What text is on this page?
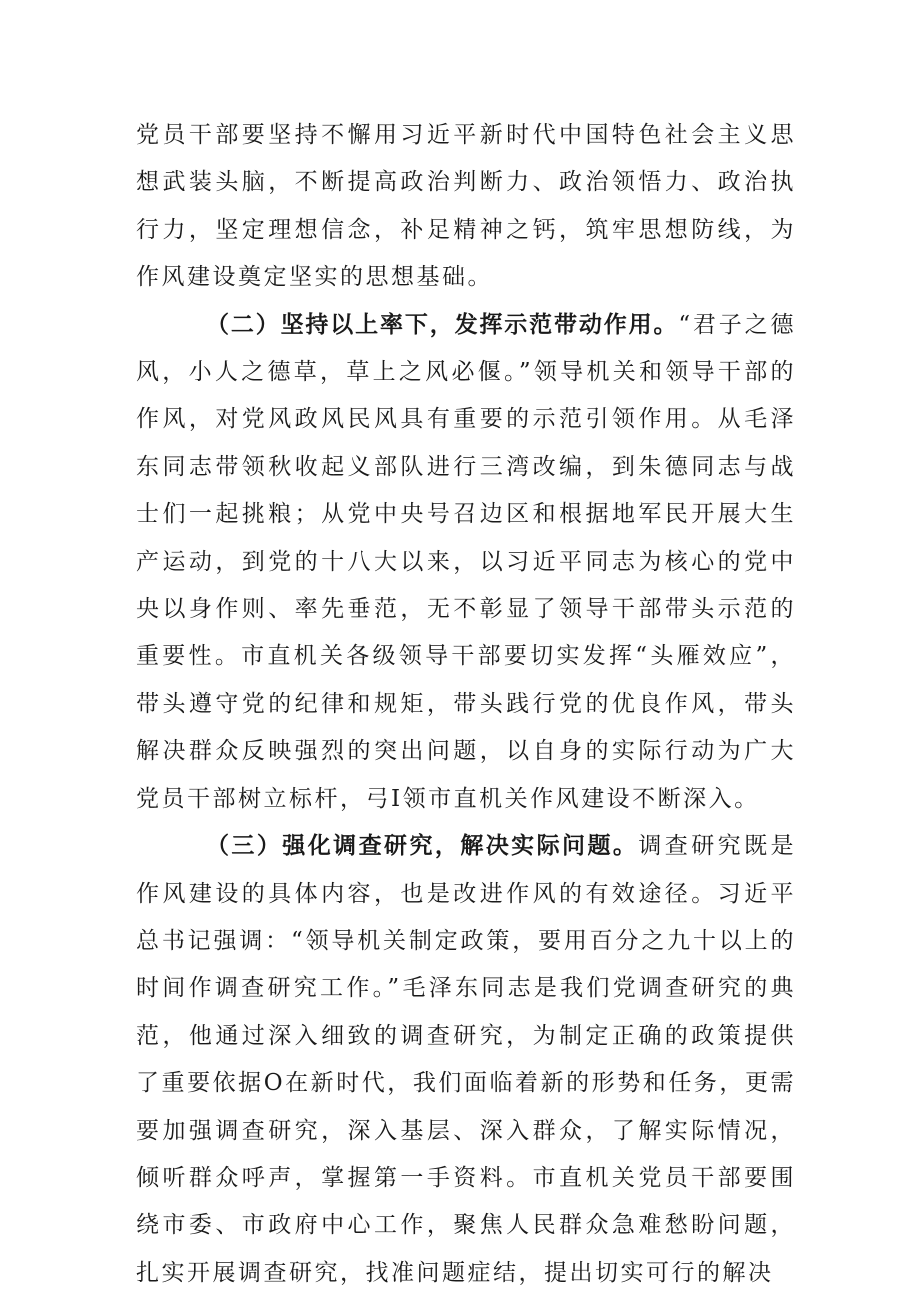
党员干部要坚持不懈用习近平新时代中国特色社会主义思想武装头脑，不断提高政治判断力、政治领悟力、政治执行力，坚定理想信念，补足精神之钙，筑牢思想防线，为作风建设奠定坚实的思想基础。

（二）坚持以上率下，发挥示范带动作用。“君子之德风，小人之德草，草上之风必偃。”领导机关和领导干部的作风，对党风政风民风具有重要的示范引领作用。从毛泽东同志带领秋收起义部队进行三湾改编，到朱德同志与战士们一起挑粮；从党中央号召边区和根据地军民开展大生产运动，到党的十八大以来，以习近平同志为核心的党中央以身作则、率先垂范，无不彰显了领导干部带头示范的重要性。市直机关各级领导干部要切实发挥“头雁效应”，带头遵守党的纪律和规矩，带头践行党的优良作风，带头解决群众反映强烈的突出问题，以自身的实际行动为广大党员干部树立标杆，弓I领市直机关作风建设不断深入。

（三）强化调查研究，解决实际问题。调查研究既是作风建设的具体内容，也是改进作风的有效途径。习近平总书记强调：“领导机关制定政策，要用百分之九十以上的时间作调查研究工作。”毛泽东同志是我们党调查研究的典范，他通过深入细致的调查研究，为制定正确的政策提供了重要依据O在新时代，我们面临着新的形势和任务，更需要加强调查研究，深入基层、深入群众，了解实际情况，倾听群众呼声，掌握第一手资料。市直机关党员干部要围绕市委、市政府中心工作，聚焦人民群众急难愁盼问题，扎实开展调查研究，找准问题症结，提出切实可行的解决
